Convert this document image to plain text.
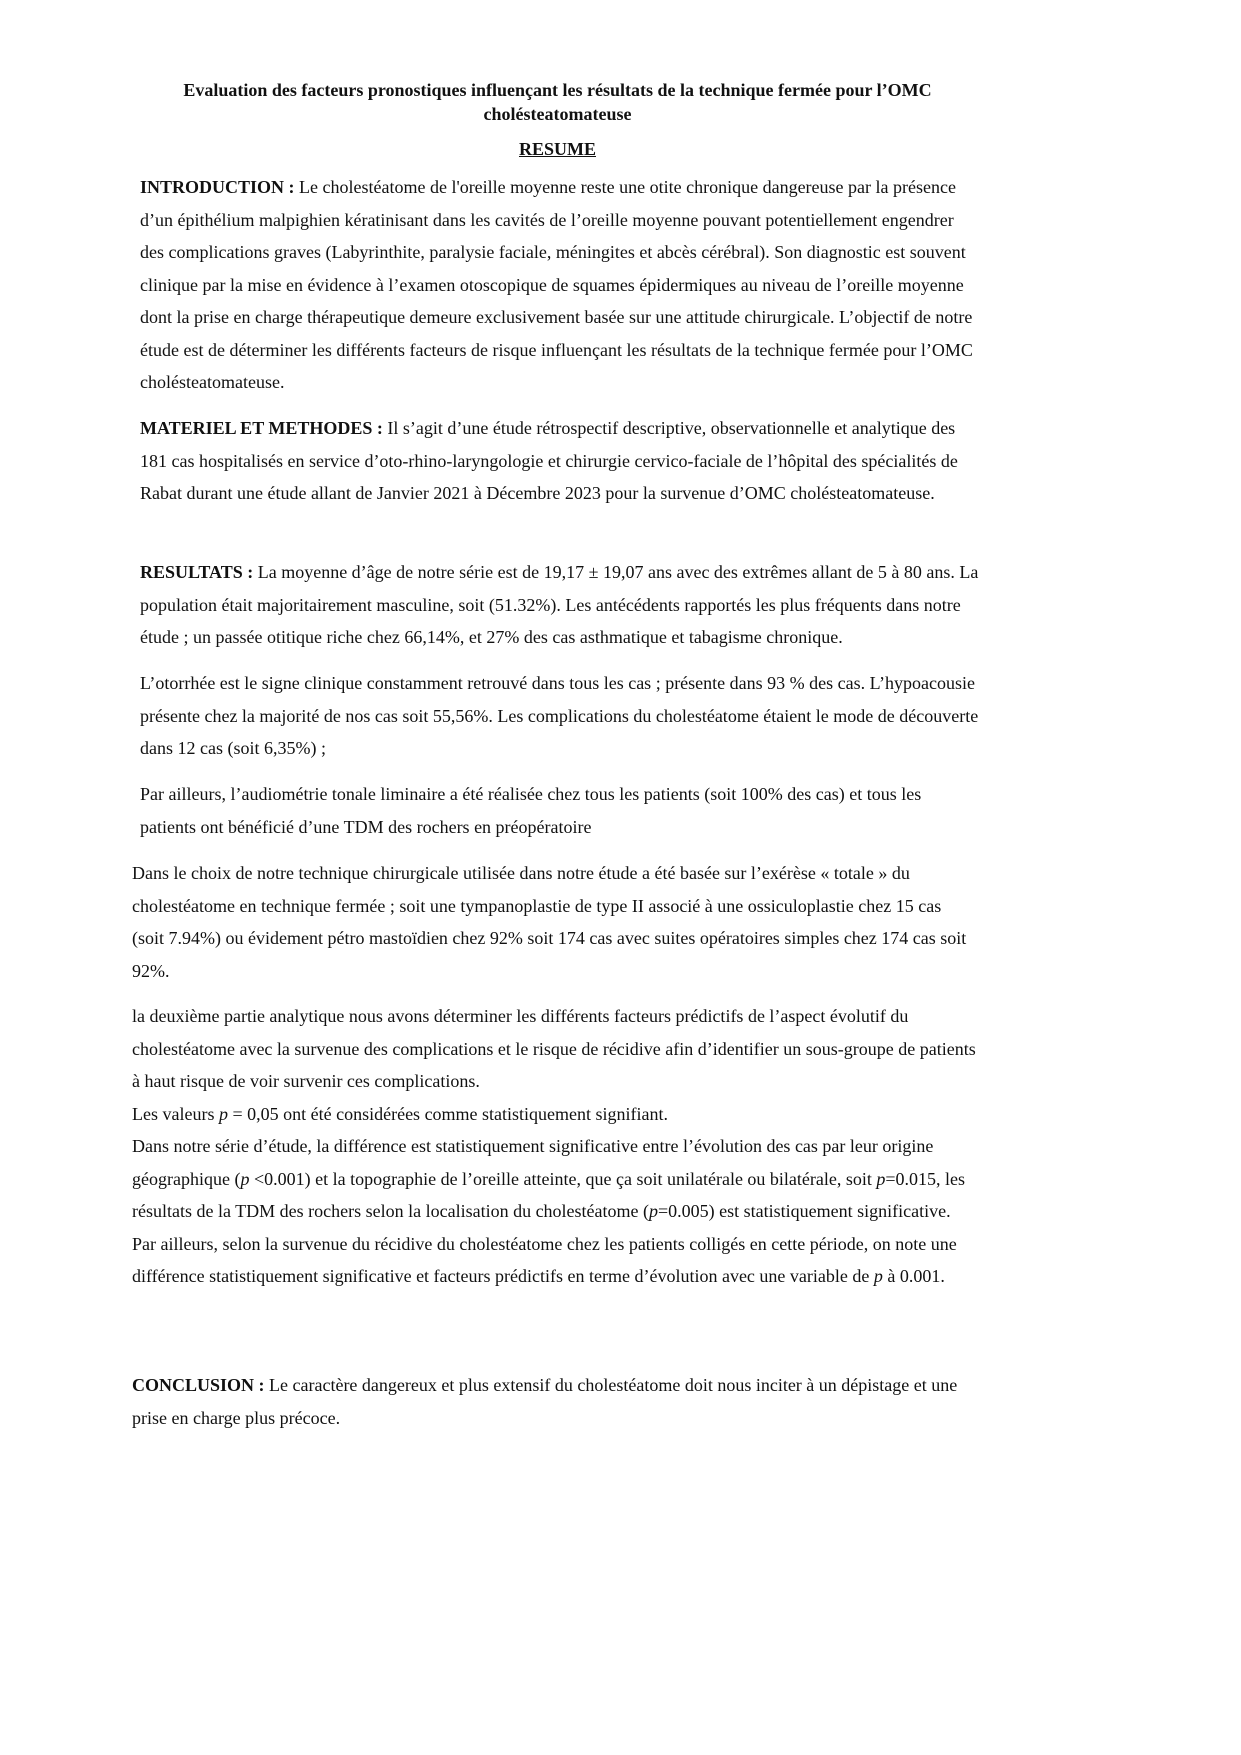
Evaluation des facteurs pronostiques influençant les résultats de la technique fermée pour l’OMC cholésteatomateuse
RESUME
INTRODUCTION : Le cholestéatome de l'oreille moyenne reste une otite chronique dangereuse par la présence d’un épithélium malpighien kératinisant dans les cavités de l’oreille moyenne pouvant potentiellement engendrer des complications graves (Labyrinthite, paralysie faciale, méningites et abcès cérébral). Son diagnostic est souvent clinique par la mise en évidence à l’examen otoscopique de squames épidermiques au niveau de l’oreille moyenne dont la prise en charge thérapeutique demeure exclusivement basée sur une attitude chirurgicale. L’objectif de notre étude est de déterminer les différents facteurs de risque influençant les résultats de la technique fermée pour l’OMC cholésteatomateuse.
MATERIEL ET METHODES : Il s’agit d’une étude rétrospectif descriptive, observationnelle et analytique des 181 cas hospitalisés en service d’oto-rhino-laryngologie et chirurgie cervico-faciale de l’hôpital des spécialités de Rabat durant une étude allant de Janvier 2021 à Décembre 2023 pour la survenue d’OMC cholésteatomateuse.
RESULTATS : La moyenne d’âge de notre série est de 19,17 ± 19,07 ans avec des extrêmes allant de 5 à 80 ans. La population était majoritairement masculine, soit (51.32%). Les antécédents rapportés les plus fréquents dans notre étude ; un passée otitique riche chez 66,14%, et 27% des cas asthmatique et tabagisme chronique.
L’otorrhée est le signe clinique constamment retrouvé dans tous les cas ; présente dans 93 % des cas. L’hypoacousie présente chez la majorité de nos cas soit 55,56%. Les complications du cholestéatome étaient le mode de découverte dans 12 cas (soit 6,35%) ;
Par ailleurs, l’audiométrie tonale liminaire a été réalisée chez tous les patients (soit 100% des cas) et tous les patients ont bénéficié d’une TDM des rochers en préopératoire
Dans le choix de notre technique chirurgicale utilisée dans notre étude a été basée sur l’exérèse « totale » du cholestéatome en technique fermée ; soit une tympanoplastie de type II associé à une ossiculoplastie chez 15 cas (soit 7.94%) ou évidement pétro mastoïdien chez 92% soit 174 cas avec suites opératoires simples chez 174 cas soit 92%.
la deuxième partie analytique nous avons déterminer les différents facteurs prédictifs de l’aspect évolutif du cholestéatome avec la survenue des complications et le risque de récidive afin d’identifier un sous-groupe de patients à haut risque de voir survenir ces complications.
Les valeurs p = 0,05 ont été considérées comme statistiquement signifiant.
Dans notre série d’étude, la différence est statistiquement significative entre l’évolution des cas par leur origine géographique (p <0.001) et la topographie de l’oreille atteinte, que ça soit unilatérale ou bilatérale, soit p=0.015, les résultats de la TDM des rochers selon la localisation du cholestéatome (p=0.005) est statistiquement significative.
Par ailleurs, selon la survenue du récidive du cholestéatome chez les patients colligés en cette période, on note une différence statistiquement significative et facteurs prédictifs en terme d’évolution avec une variable de p à 0.001.
CONCLUSION : Le caractère dangereux et plus extensif du cholestéatome doit nous inciter à un dépistage et une prise en charge plus précoce.
